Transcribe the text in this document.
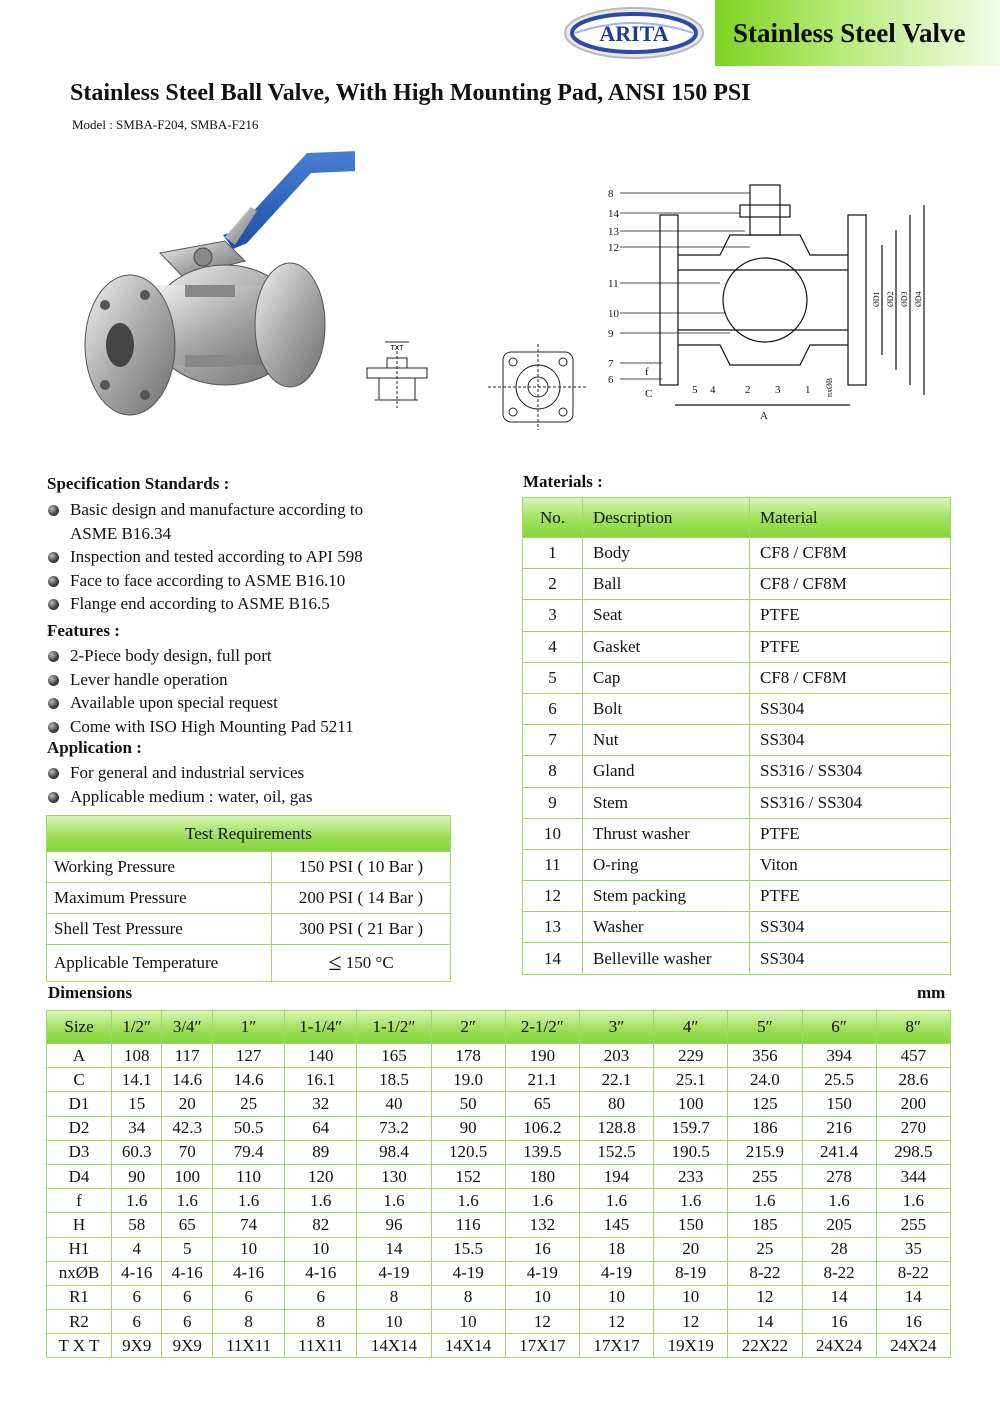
ARITA Stainless Steel Valve
Stainless Steel Ball Valve, With High Mounting Pad, ANSI 150 PSI
Model : SMBA-F204, SMBA-F216
TXT
8
14
13
12
11
10
9
7
6
5 4	2 3 1
A
f
C
ØD1 ØD2 ØD3 ØD4
nxØB
Specification Standards :
Basic design and manufacture according to
ASME B16.34
Inspection and tested according to API 598
Face to face according to ASME B16.10
Flange end according to ASME B16.5
Features :
2-Piece body design, full port
Lever handle operation
Available upon special request
Come with ISO High Mounting Pad 5211
Application :
For general and industrial services
Applicable medium : water, oil, gas
Test Requirements	
Working Pressure	150 PSI ( 10 Bar )
Maximum Pressure	200 PSI ( 14 Bar )
Shell Test Pressure	300 PSI ( 21 Bar )
Applicable Temperature	≤ 150 °C
Materials :
No.	Description	Material
1	Body	CF8 / CF8M
2	Ball	CF8 / CF8M
3	Seat	PTFE
4	Gasket	PTFE
5	Cap	CF8 / CF8M
6	Bolt	SS304
7	Nut	SS304
8	Gland	SS316 / SS304
9	Stem	SS316 / SS304
10	Thrust washer	PTFE
11	O-ring	Viton
12	Stem packing	PTFE
13	Washer	SS304
14	Belleville washer	SS304
Dimensions	mm
Size	1/2″	3/4″	1″	1-1/4″	1-1/2″	2″	2-1/2″	3″	4″	5″	6″	8″
A	108	117	127	140	165	178	190	203	229	356	394	457
C	14.1	14.6	14.6	16.1	18.5	19.0	21.1	22.1	25.1	24.0	25.5	28.6
D1	15	20	25	32	40	50	65	80	100	125	150	200
D2	34	42.3	50.5	64	73.2	90	106.2	128.8	159.7	186	216	270
D3	60.3	70	79.4	89	98.4	120.5	139.5	152.5	190.5	215.9	241.4	298.5
D4	90	100	110	120	130	152	180	194	233	255	278	344
f	1.6	1.6	1.6	1.6	1.6	1.6	1.6	1.6	1.6	1.6	1.6	1.6
H	58	65	74	82	96	116	132	145	150	185	205	255
H1	4	5	10	10	14	15.5	16	18	20	25	28	35
nxØB	4-16	4-16	4-16	4-16	4-19	4-19	4-19	4-19	8-19	8-22	8-22	8-22
R1	6	6	6	6	8	8	10	10	10	12	14	14
R2	6	6	8	8	10	10	12	12	12	14	16	16
T X T	9X9	9X9	11X11	11X11	14X14	14X14	17X17	17X17	19X19	22X22	24X24	24X24
